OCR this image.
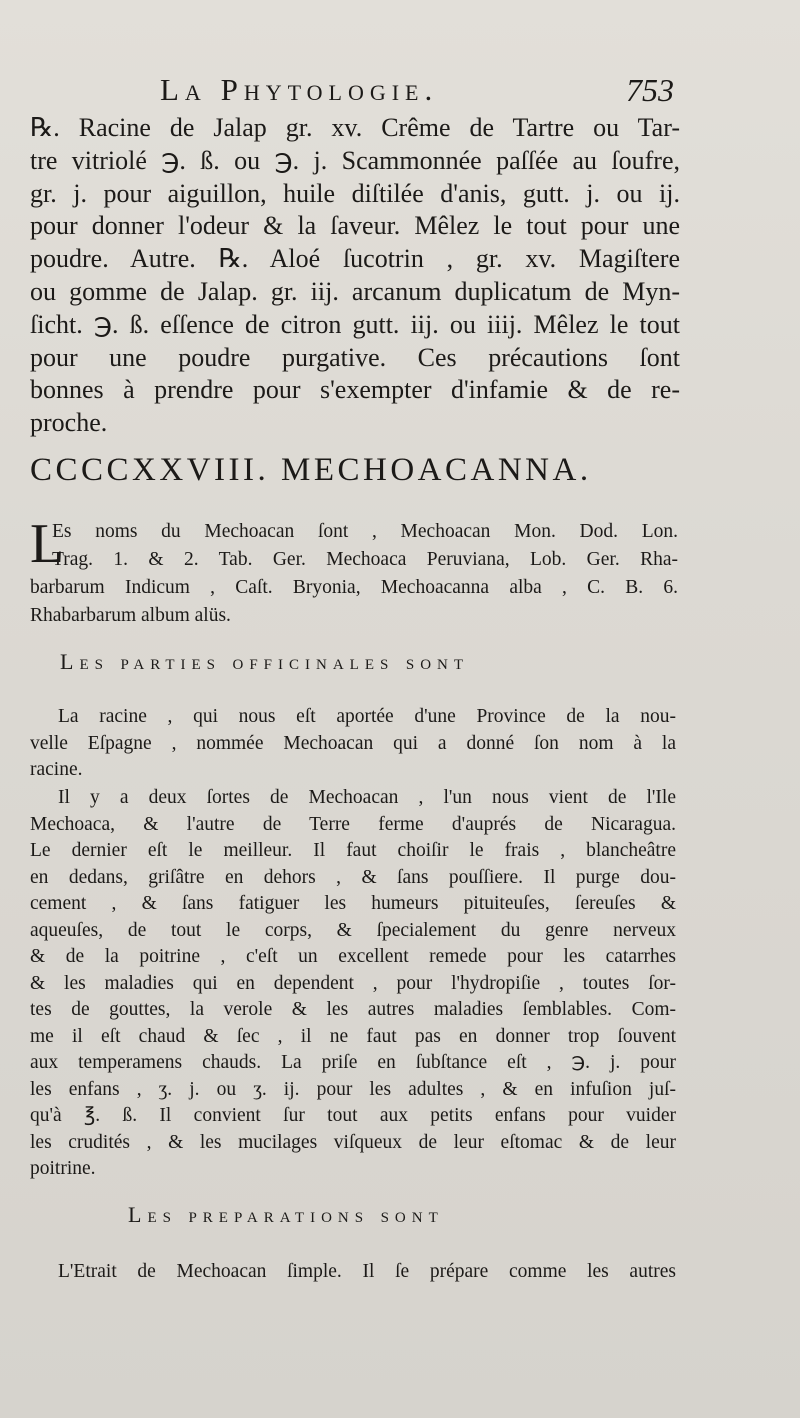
La Phytologie.	753
℞. Racine de Jalap gr. xv. Crême de Tartre ou Tar-
tre vitriolé ℈. ß. ou ℈. j. Scammonnée paſſée au ſoufre,
gr. j. pour aiguillon, huile diſtilée d'anis, gutt. j. ou ij.
pour donner l'odeur & la ſaveur. Mêlez le tout pour une
poudre. Autre. ℞. Aloé ſucotrin , gr. xv. Magiſtere
ou gomme de Jalap. gr. iij. arcanum duplicatum de Myn-
ſicht. ℈. ß. eſſence de citron gutt. iij. ou iiij. Mêlez le tout
pour une poudre purgative. Ces précautions ſont
bonnes à prendre pour s'exempter d'infamie & de re-
proche.
CCCCXXVIII. MECHOACANNA.
L
Es noms du Mechoacan ſont , Mechoacan Mon. Dod. Lon.
Trag. 1. & 2. Tab. Ger. Mechoaca Peruviana, Lob. Ger. Rha-
barbarum Indicum , Caſt. Bryonia, Mechoacanna alba , C. B. 6.
Rhabarbarum album alüs.
Les parties officinales sont
La racine , qui nous eſt aportée d'une Province de la nou-
velle Eſpagne , nommée Mechoacan qui a donné ſon nom à la
racine.
Il y a deux ſortes de Mechoacan , l'un nous vient de l'Ile
Mechoaca, & l'autre de Terre ferme d'auprés de Nicaragua.
Le dernier eſt le meilleur. Il faut choiſir le frais , blancheâtre
en dedans, griſâtre en dehors , & ſans pouſſiere. Il purge dou-
cement , & ſans fatiguer les humeurs pituiteuſes, ſereuſes &
aqueuſes, de tout le corps, & ſpecialement du genre nerveux
& de la poitrine , c'eſt un excellent remede pour les catarrhes
& les maladies qui en dependent , pour l'hydropiſie , toutes ſor-
tes de gouttes, la verole & les autres maladies ſemblables. Com-
me il eſt chaud & ſec , il ne faut pas en donner trop ſouvent
aux temperamens chauds. La priſe en ſubſtance eſt , ℈. j. pour
les enfans , ʒ. j. ou ʒ. ij. pour les adultes , & en infuſion juſ-
qu'à ℥. ß. Il convient ſur tout aux petits enfans pour vuider
les crudités , & les mucilages viſqueux de leur eſtomac & de leur
poitrine.
Les preparations sont
L'Etrait de Mechoacan ſimple. Il ſe prépare comme les autres
